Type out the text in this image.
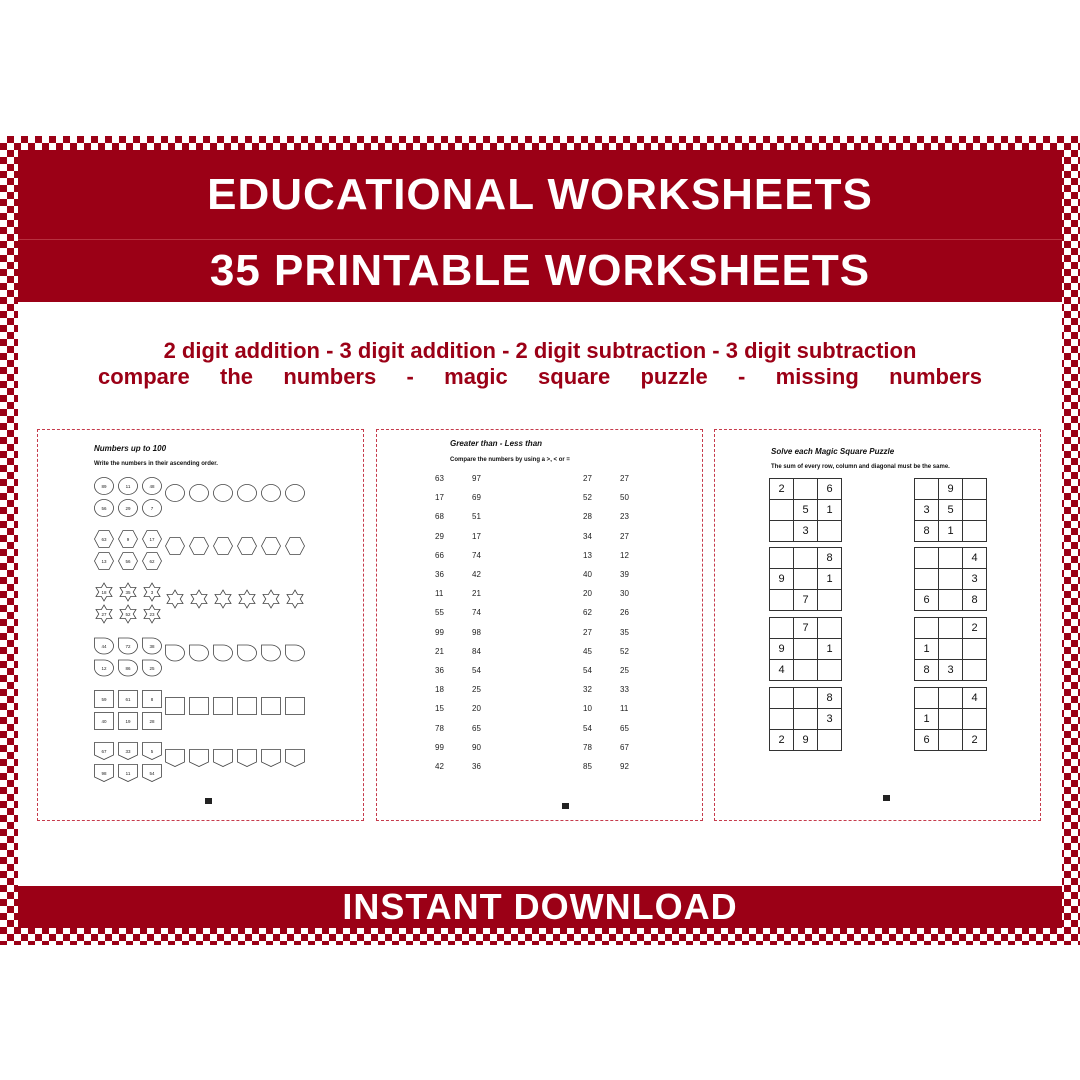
EDUCATIONAL WORKSHEETS
35 PRINTABLE WORKSHEETS
2 digit addition - 3 digit addition - 2 digit subtraction - 3 digit subtraction
compare the numbers - magic square puzzle - missing numbers
Numbers up to 100
Write the numbers in their ascending order.
89	11	48
56	29	7
63	9	17
13	56	62
18	35	3
27	52	23
44	72	38
12	86	25
59	61	8
40	19	28
67	33	5
98	11	54
Greater than - Less than
Compare the numbers by using a >, < or =
63	97
17	69
68	51
29	17
66	74
36	42
11	21
55	74
99	98
21	84
36	54
18	25
15	20
78	65
99	90
42	36
27	27
52	50
28	23
34	27
13	12
40	39
20	30
62	26
27	35
45	52
54	25
32	33
10	11
54	65
78	67
85	92
Solve each Magic Square Puzzle
The sum of every row, column and diagonal must be the same.
2		6
	5	1
	3	
	9	
3	5	
8	1	
		8
9		1
	7	
		4
		3
6		8
	7	
9		1
4		
		2
1		
8	3	
		8
		3
2	9	
		4
1		
6		2
INSTANT DOWNLOAD
